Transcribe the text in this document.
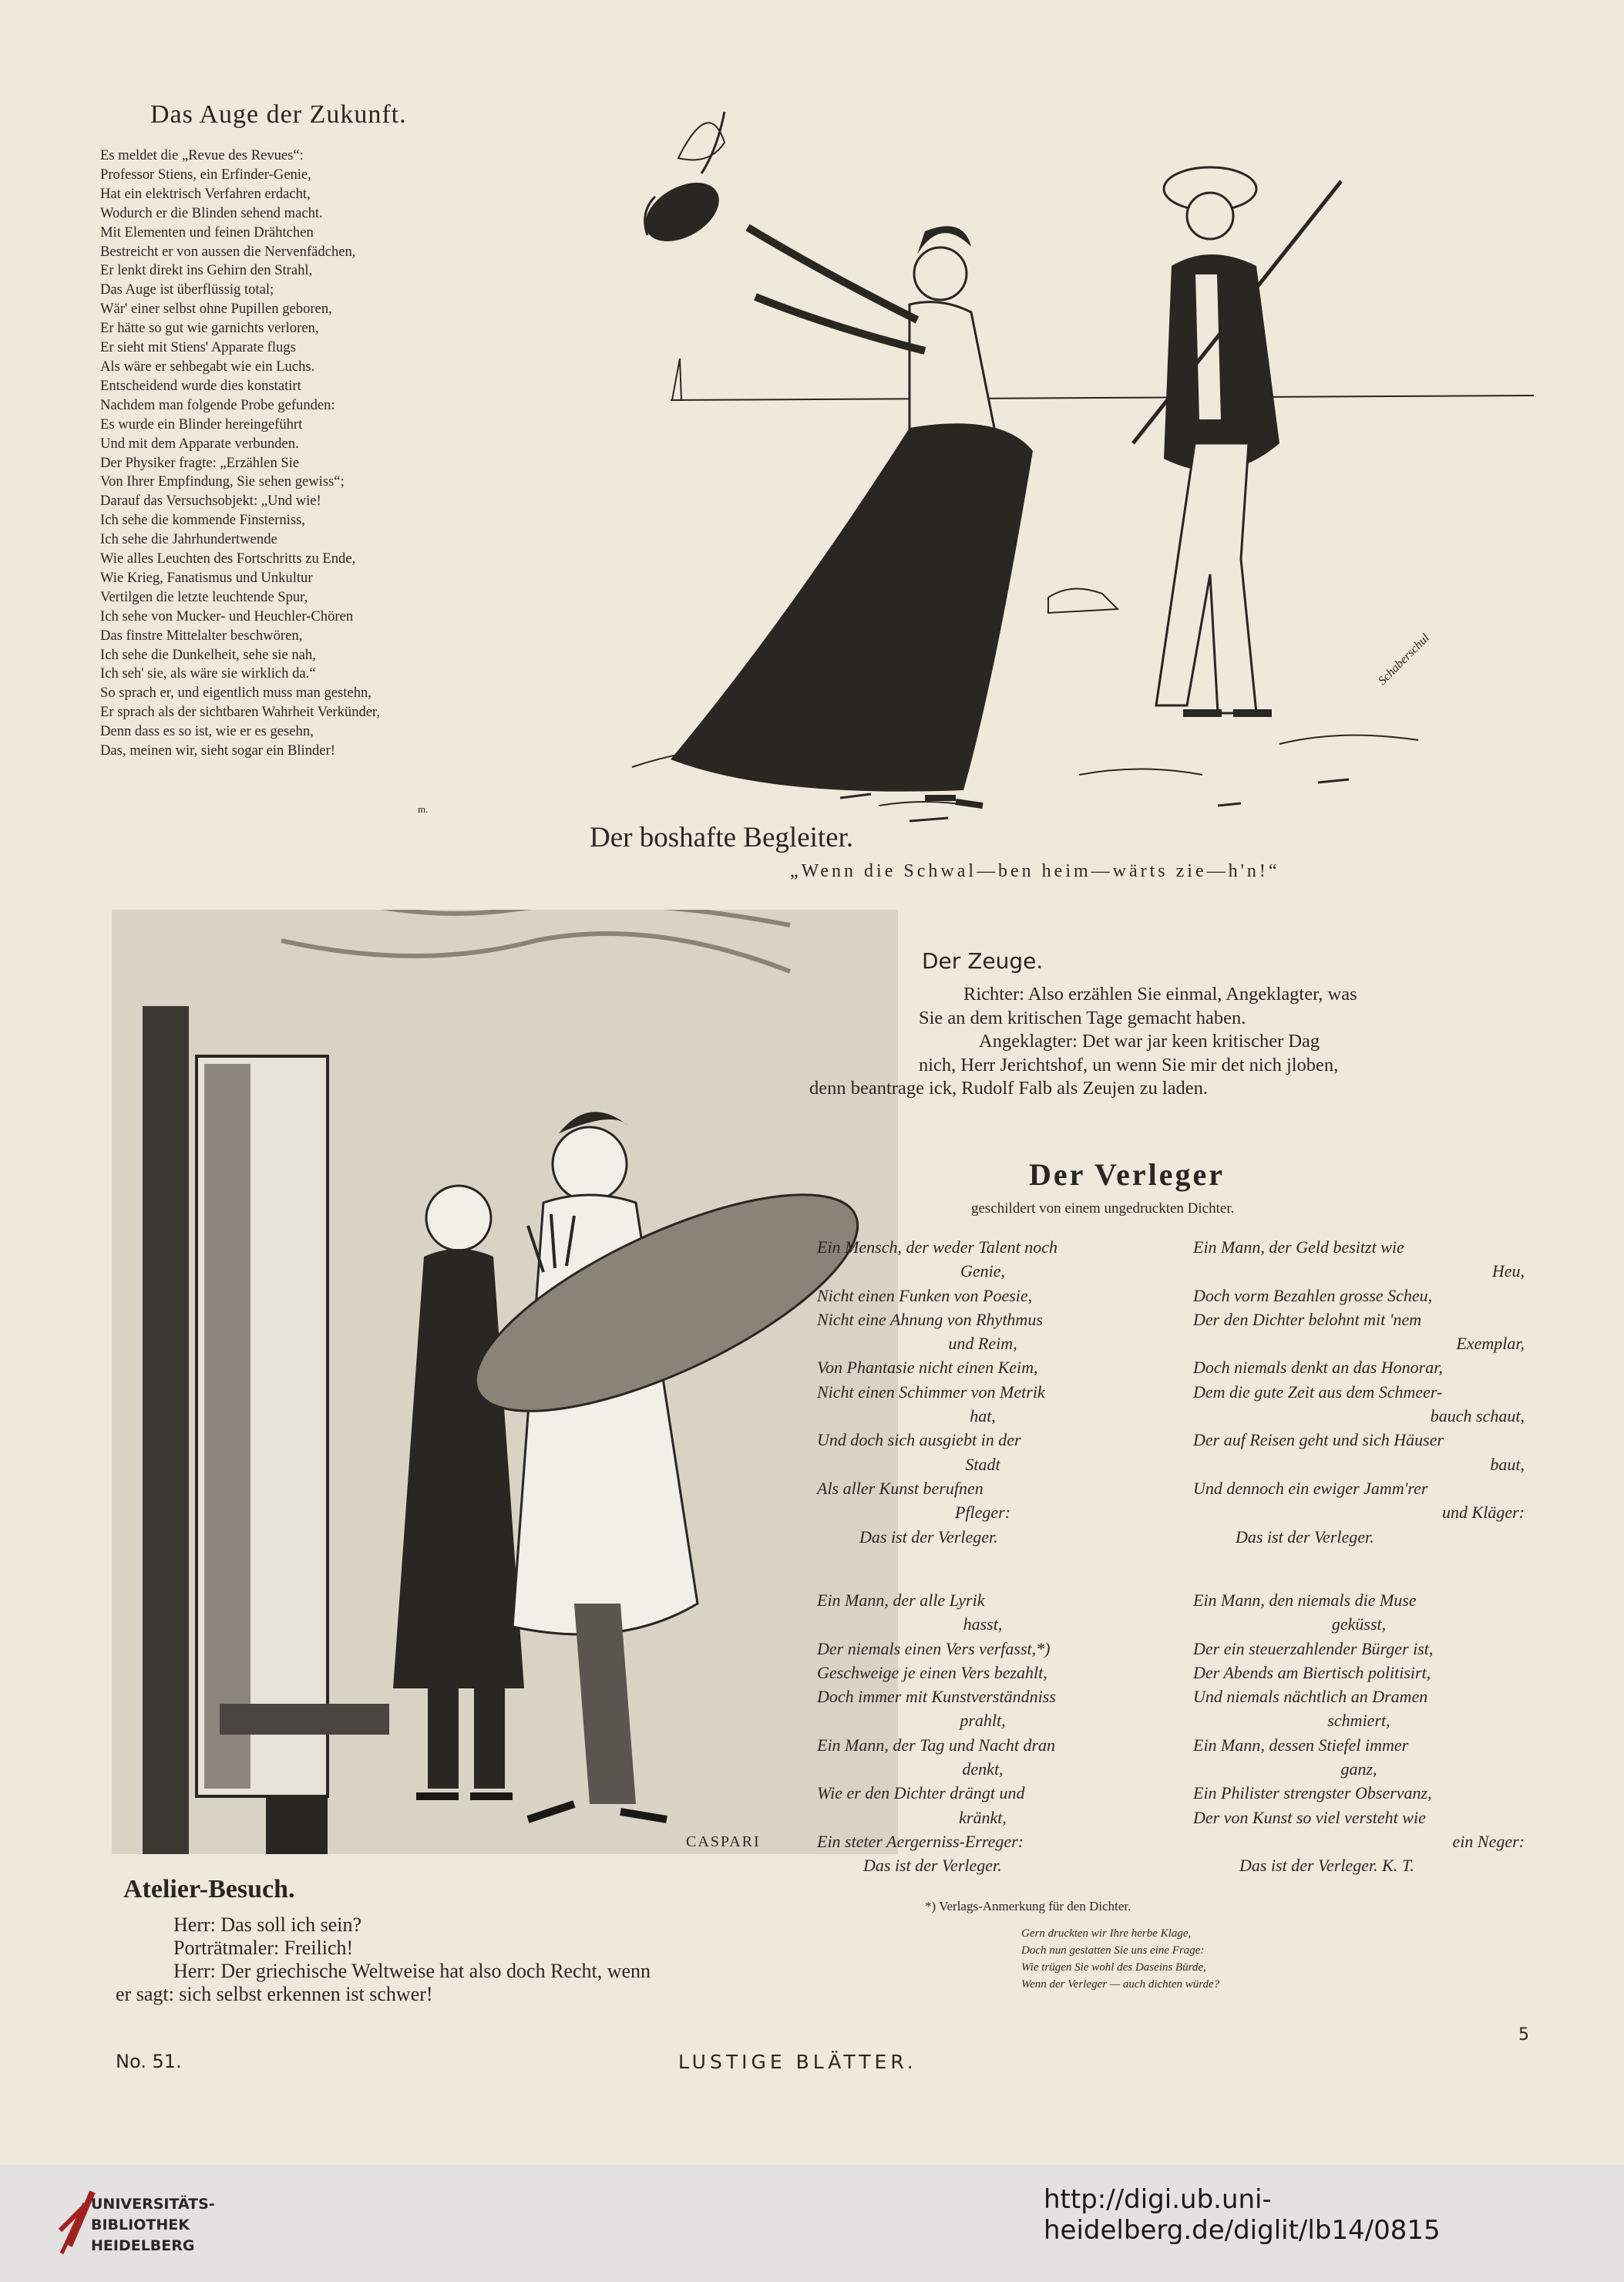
Das Auge der Zukunft.
Es meldet die „Revue des Revues“:
Professor Stiens, ein Erfinder-Genie,
Hat ein elektrisch Verfahren erdacht,
Wodurch er die Blinden sehend macht.
Mit Elementen und feinen Drähtchen
Bestreicht er von aussen die Nervenfädchen,
Er lenkt direkt ins Gehirn den Strahl,
Das Auge ist überflüssig total;
Wär' einer selbst ohne Pupillen geboren,
Er hätte so gut wie garnichts verloren,
Er sieht mit Stiens' Apparate flugs
Als wäre er sehbegabt wie ein Luchs.
Entscheidend wurde dies konstatirt
Nachdem man folgende Probe gefunden:
Es wurde ein Blinder hereingeführt
Und mit dem Apparate verbunden.
Der Physiker fragte: „Erzählen Sie
Von Ihrer Empfindung, Sie sehen gewiss“;
Darauf das Versuchsobjekt: „Und wie!
Ich sehe die kommende Finsterniss,
Ich sehe die Jahrhundertwende
Wie alles Leuchten des Fortschritts zu Ende,
Wie Krieg, Fanatismus und Unkultur
Vertilgen die letzte leuchtende Spur,
Ich sehe von Mucker- und Heuchler-Chören
Das finstre Mittelalter beschwören,
Ich sehe die Dunkelheit, sehe sie nah,
Ich seh' sie, als wäre sie wirklich da.“
So sprach er, und eigentlich muss man gestehn,
Er sprach als der sichtbaren Wahrheit Verkünder,
Denn dass es so ist, wie er es gesehn,
Das, meinen wir, sieht sogar ein Blinder!
m.
Schaberschul
Der boshafte Begleiter.
„Wenn die Schwal—ben heim—wärts zie—h'n!“
CASPARI
Atelier-Besuch.
Herr: Das soll ich sein?
Porträtmaler: Freilich!
Herr: Der griechische Weltweise hat also doch Recht, wenn
er sagt: sich selbst erkennen ist schwer!
Der Zeuge.
Richter: Also erzählen Sie einmal, Angeklagter, was
Sie an dem kritischen Tage gemacht haben.
Angeklagter: Det war jar keen kritischer Dag
nich, Herr Jerichtshof, un wenn Sie mir det nich jloben,
denn beantrage ick, Rudolf Falb als Zeujen zu laden.
Der Verleger
geschildert von einem ungedruckten Dichter.
Ein Mensch, der weder Talent noch
Genie,
Nicht einen Funken von Poesie,
Nicht eine Ahnung von Rhythmus
und Reim,
Von Phantasie nicht einen Keim,
Nicht einen Schimmer von Metrik
hat,
Und doch sich ausgiebt in der
Stadt
Als aller Kunst berufnen
Pfleger:
Das ist der Verleger.
Ein Mann, der Geld besitzt wie
Heu,
Doch vorm Bezahlen grosse Scheu,
Der den Dichter belohnt mit 'nem
Exemplar,
Doch niemals denkt an das Honorar,
Dem die gute Zeit aus dem Schmeer-
bauch schaut,
Der auf Reisen geht und sich Häuser
baut,
Und dennoch ein ewiger Jamm'rer
und Kläger:
Das ist der Verleger.
Ein Mann, der alle Lyrik
hasst,
Der niemals einen Vers verfasst,*)
Geschweige je einen Vers bezahlt,
Doch immer mit Kunstverständniss
prahlt,
Ein Mann, der Tag und Nacht dran
denkt,
Wie er den Dichter drängt und
kränkt,
Ein steter Aergerniss-Erreger:
Das ist der Verleger.
Ein Mann, den niemals die Muse
geküsst,
Der ein steuerzahlender Bürger ist,
Der Abends am Biertisch politisirt,
Und niemals nächtlich an Dramen
schmiert,
Ein Mann, dessen Stiefel immer
ganz,
Ein Philister strengster Observanz,
Der von Kunst so viel versteht wie
ein Neger:
Das ist der Verleger. K. T.
*) Verlags-Anmerkung für den Dichter.
Gern druckten wir Ihre herbe Klage,
Doch nun gestatten Sie uns eine Frage:
Wie trügen Sie wohl des Daseins Bürde,
Wenn der Verleger — auch dichten würde?
No. 51.	LUSTIGE BLÄTTER.
5
UNIVERSITÄTS-
BIBLIOTHEK
HEIDELBERG
http://digi.ub.uni-heidelberg.de/diglit/lb14/0815
